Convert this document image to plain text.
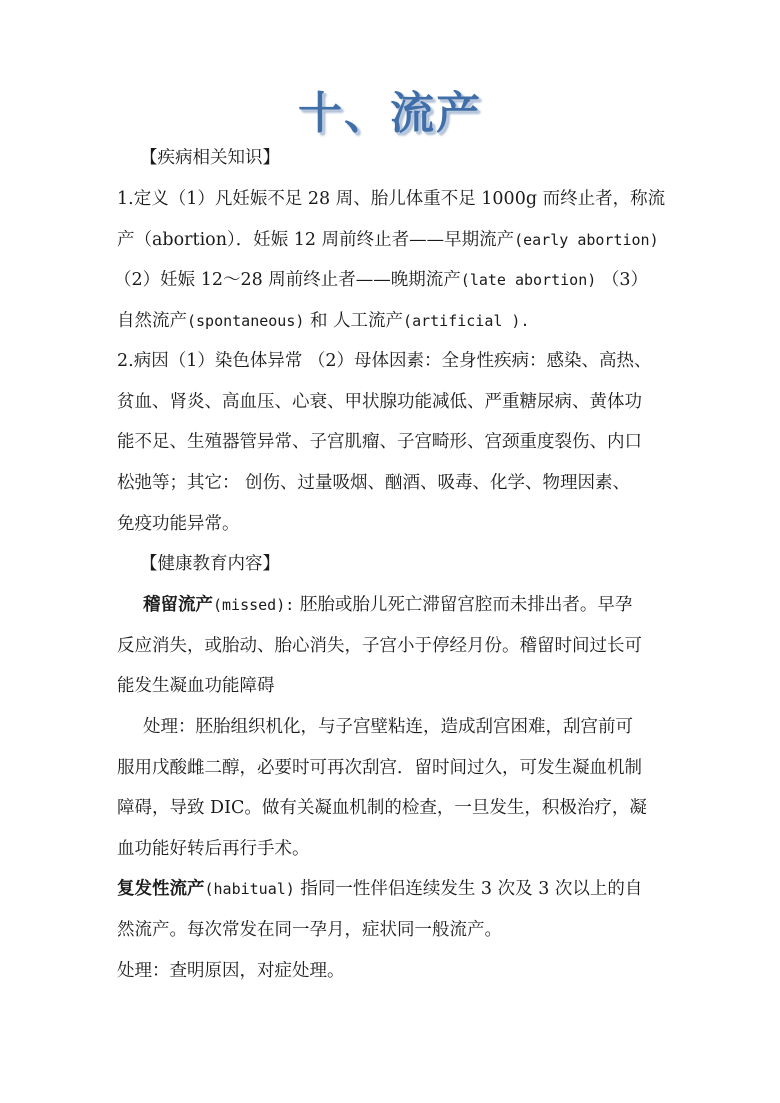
十、流产
【疾病相关知识】
1.定义（1）凡妊娠不足 28 周、胎儿体重不足 1000g 而终止者，称流
产（abortion）．妊娠 12 周前终止者——早期流产(early abortion)
（2）妊娠 12～28 周前终止者——晚期流产(late abortion) （3）
自然流产(spontaneous) 和 人工流产(artificial ).
2.病因（1）染色体异常 （2）母体因素：全身性疾病：感染、高热、
贫血、肾炎、高血压、心衰、甲状腺功能减低、严重糖尿病、黄体功
能不足、生殖器管异常、子宫肌瘤、子宫畸形、宫颈重度裂伤、内口
松弛等；其它： 创伤、过量吸烟、酗酒、吸毒、化学、物理因素、
免疫功能异常。
【健康教育内容】
稽留流产(missed): 胚胎或胎儿死亡滞留宫腔而未排出者。早孕
反应消失，或胎动、胎心消失，子宫小于停经月份。稽留时间过长可
能发生凝血功能障碍
处理：胚胎组织机化，与子宫壁粘连，造成刮宫困难，刮宫前可
服用戊酸雌二醇，必要时可再次刮宫．留时间过久，可发生凝血机制
障碍，导致 DIC。做有关凝血机制的检查，一旦发生，积极治疗，凝
血功能好转后再行手术。
复发性流产(habitual) 指同一性伴侣连续发生 3 次及 3 次以上的自
然流产。每次常发在同一孕月，症状同一般流产。
处理：查明原因，对症处理。
